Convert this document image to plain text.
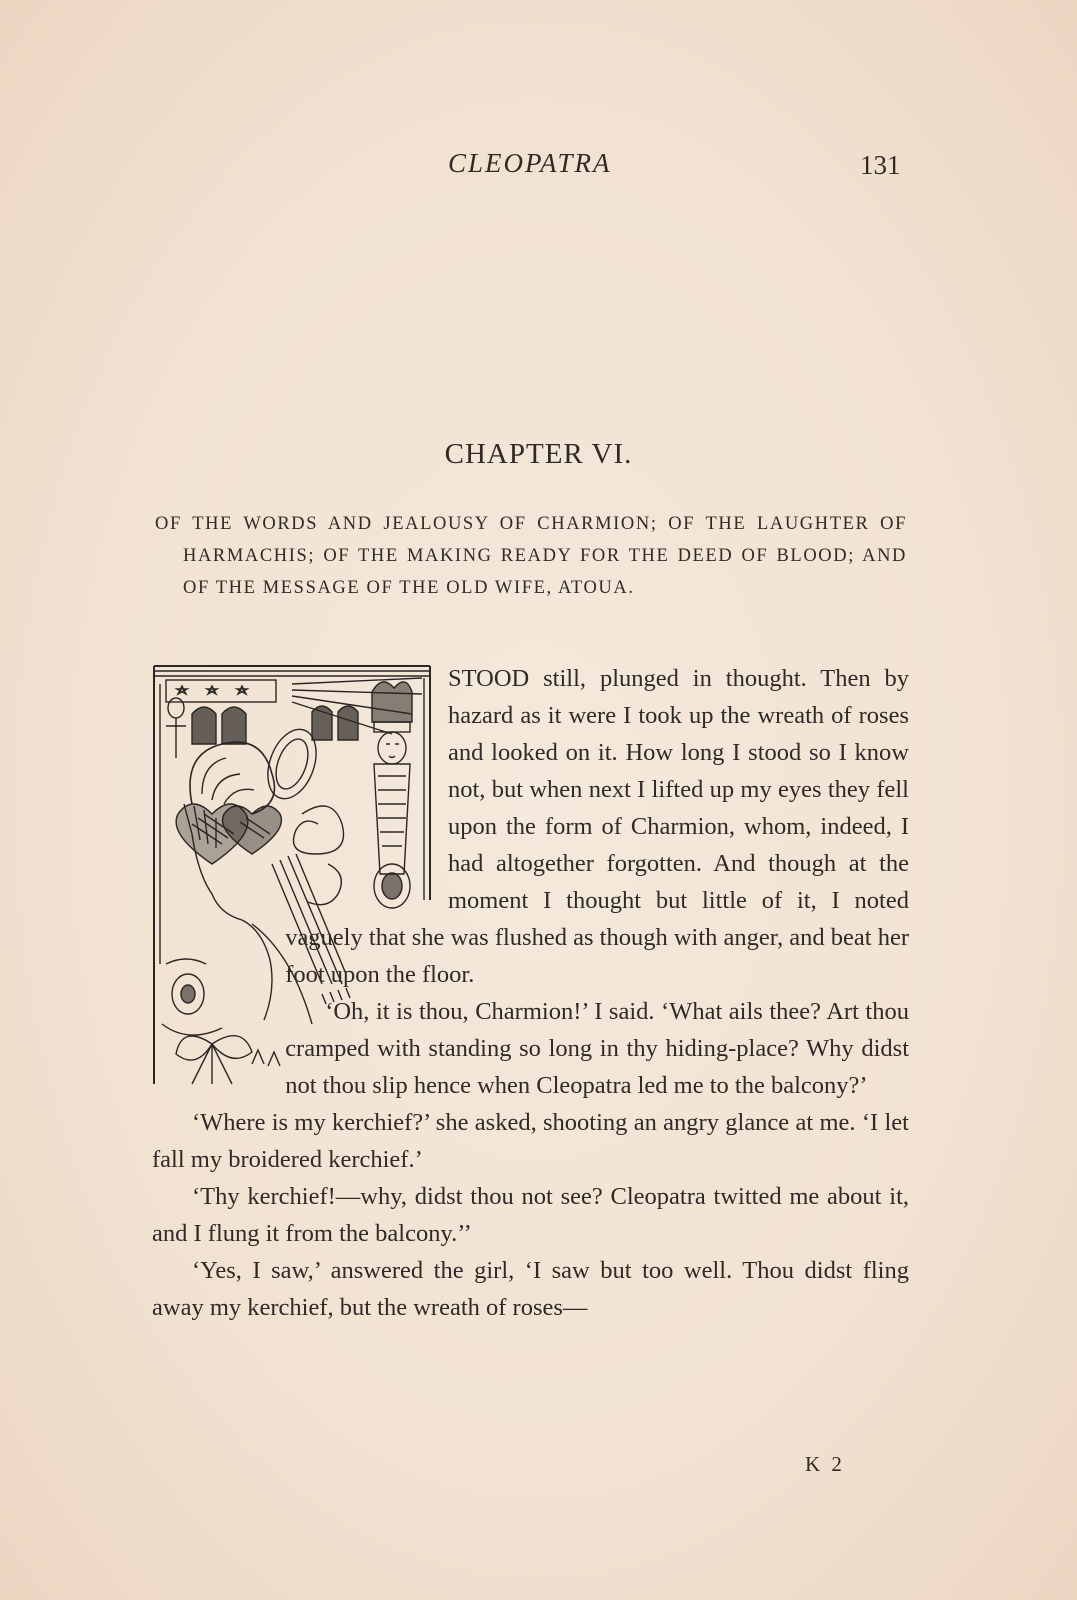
CLEOPATRA	131
CHAPTER VI.
OF THE WORDS AND JEALOUSY OF CHARMION; OF THE LAUGHTER OF HARMACHIS; OF THE MAKING READY FOR THE DEED OF BLOOD; AND OF THE MESSAGE OF THE OLD WIFE, ATOUA.

STOOD still, plunged in thought. Then by hazard as it were I took up the wreath of roses and looked on it. How long I stood so I know not, but when next I lifted up my eyes they fell upon the form of Charmion, whom, indeed, I had altogether forgotten. And though at the moment I thought but little of it, I noted vaguely that she was flushed as though with anger, and beat her foot upon the floor.

‘Oh, it is thou, Charmion!’ I said. ‘What ails thee? Art thou cramped with standing so long in thy hiding-place? Why didst not thou slip hence when Cleopatra led me to the balcony?’

‘Where is my kerchief?’ she asked, shooting an angry glance at me. ‘I let fall my broidered kerchief.’

‘Thy kerchief!—why, didst thou not see? Cleopatra twitted me about it, and I flung it from the balcony.’’

‘Yes, I saw,’ answered the girl, ‘I saw but too well. Thou didst fling away my kerchief, but the wreath of roses—

K 2
